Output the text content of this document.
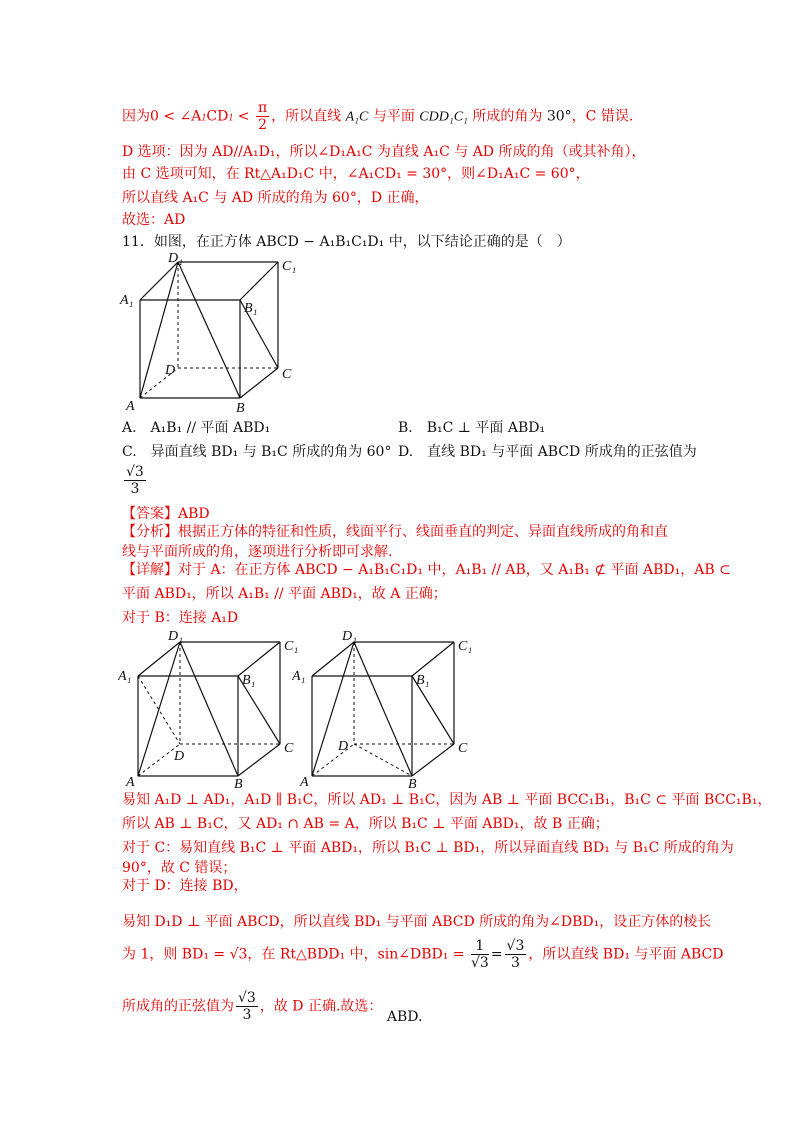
因为0 < ∠A1CD1 < $\frac{\pi}{2}$ ，所以直线 A₁C 与平面 CDD₁C₁ 所成的角为 30°，C 错误.
D 选项：因为 AD//A₁D₁，所以∠D₁A₁C 为直线 A₁C 与 AD 所成的角（或其补角），
由 C 选项可知，在 Rt△A₁D₁C 中，∠A₁CD₁ = 30°，则∠D₁A₁C = 60°，
所以直线 A₁C 与 AD 所成的角为 60°，D 正确，
故选：AD
11．如图，在正方体 ABCD − A₁B₁C₁D₁ 中，以下结论正确的是（　）
D₁
C₁
A₁
B₁
D	C
A	B
A.　A₁B₁ // 平面 ABD₁	B.　B₁C ⊥ 平面 ABD₁
C.　异面直线 BD₁ 与 B₁C 所成的角为 60° D.　直线 BD₁ 与平面 ABCD 所成角的正弦值为
$\frac{√3}{3}$
【答案】ABD
【分析】根据正方体的特征和性质，线面平行、线面垂直的判定、异面直线所成的角和直
线与平面所成的角，逐项进行分析即可求解.
【详解】对于 A：在正方体 ABCD − A₁B₁C₁D₁ 中，A₁B₁ // AB，又 A₁B₁ ⊄ 平面 ABD₁，AB ⊂
平面 ABD₁，所以 A₁B₁ // 平面 ABD₁，故 A 正确；
对于 B：连接 A₁D
D₁
C₁
A₁	B₁
D
C
A	B
D₁
C₁
A₁	B₁
D	C
A	B
易知 A₁D ⊥ AD₁，A₁D ∥ B₁C，所以 AD₁ ⊥ B₁C，因为 AB ⊥ 平面 BCC₁B₁，B₁C ⊂ 平面 BCC₁B₁，
所以 AB ⊥ B₁C，又 AD₁ ∩ AB = A，所以 B₁C ⊥ 平面 ABD₁，故 B 正确；
对于 C：易知直线 B₁C ⊥ 平面 ABD₁，所以 B₁C ⊥ BD₁，所以异面直线 BD₁ 与 B₁C 所成的角为
90°，故 C 错误；
对于 D：连接 BD，
易知 D₁D ⊥ 平面 ABCD，所以直线 BD₁ 与平面 ABCD 所成的角为∠DBD₁，设正方体的棱长
为 1，则 BD₁ = √3，在 Rt△BDD₁ 中，sin∠DBD₁ = $\frac{1}{√3} = \frac{√3}{3}$ ，所以直线 BD₁ 与平面 ABCD
所成角的正弦值为 $\frac{√3}{3}$ ，故 D 正确.故选： ABD.
